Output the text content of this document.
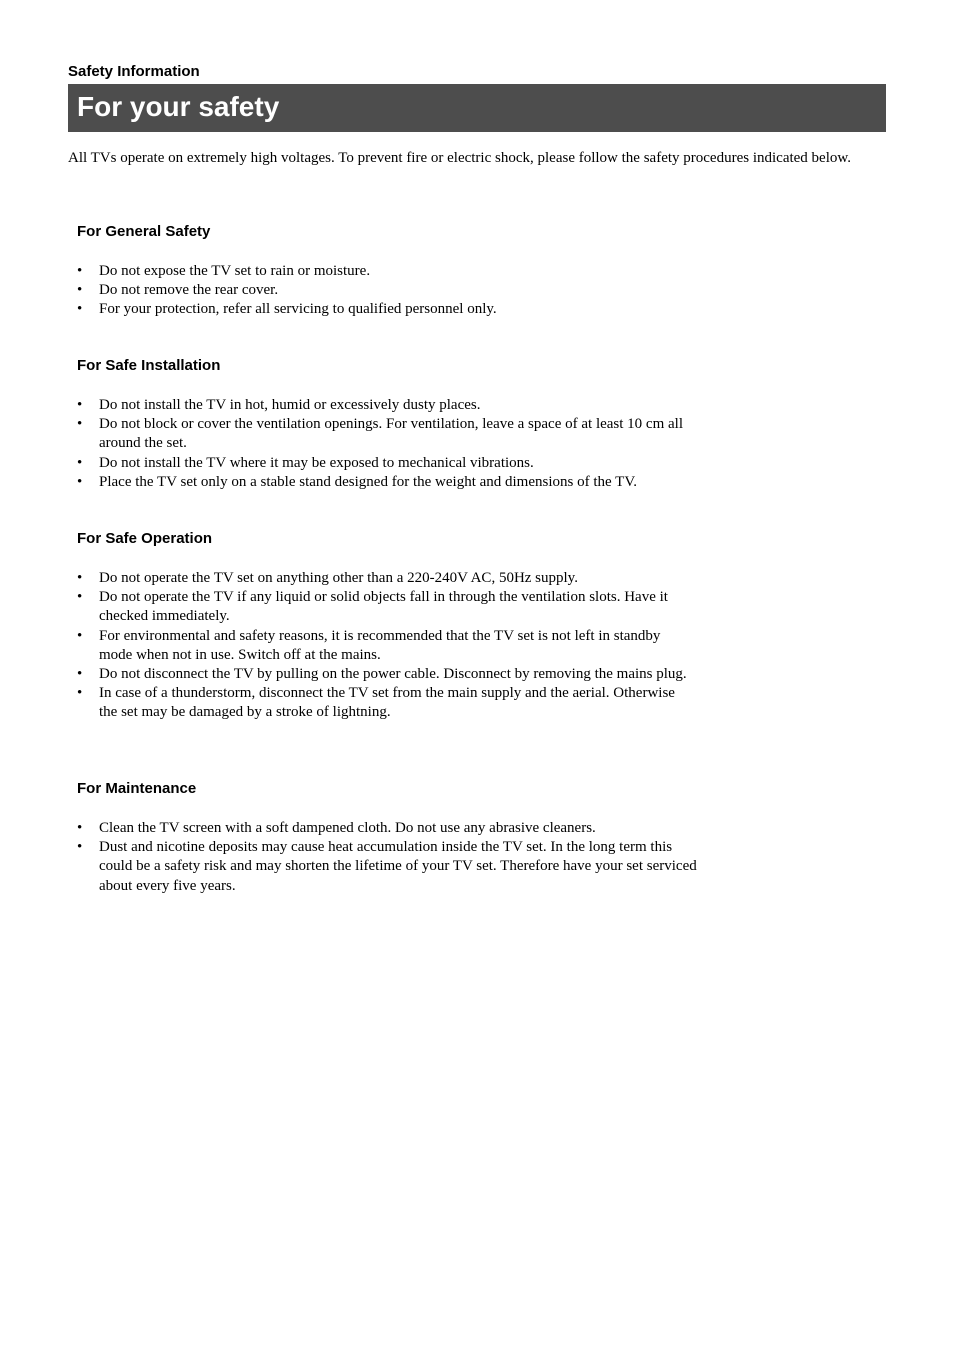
Safety Information
For your safety

All TVs operate on extremely high voltages. To prevent fire or electric shock, please follow the safety procedures indicated below.

For General Safety
• Do not expose the TV set to rain or moisture.
• Do not remove the rear cover.
• For your protection, refer all servicing to qualified personnel only.
For Safe Installation
• Do not install the TV in hot, humid or excessively dusty places.
• Do not block or cover the ventilation openings. For ventilation, leave a space of at least 10 cm all around the set.
• Do not install the TV where it may be exposed to mechanical vibrations.
• Place the TV set only on a stable stand designed for the weight and dimensions of the TV.
For Safe Operation
• Do not operate the TV set on anything other than a 220-240V AC, 50Hz supply.
• Do not operate the TV if any liquid or solid objects fall in through the ventilation slots. Have it checked immediately.
• For environmental and safety reasons, it is recommended that the TV set is not left in standby mode when not in use. Switch off at the mains.
• Do not disconnect the TV by pulling on the power cable. Disconnect by removing the mains plug.
• In case of a thunderstorm, disconnect the TV set from the main supply and the aerial. Otherwise the set may be damaged by a stroke of lightning.
For Maintenance
• Clean the TV screen with a soft dampened cloth. Do not use any abrasive cleaners.
• Dust and nicotine deposits may cause heat accumulation inside the TV set. In the long term this could be a safety risk and may shorten the lifetime of your TV set. Therefore have your set serviced about every five years.
